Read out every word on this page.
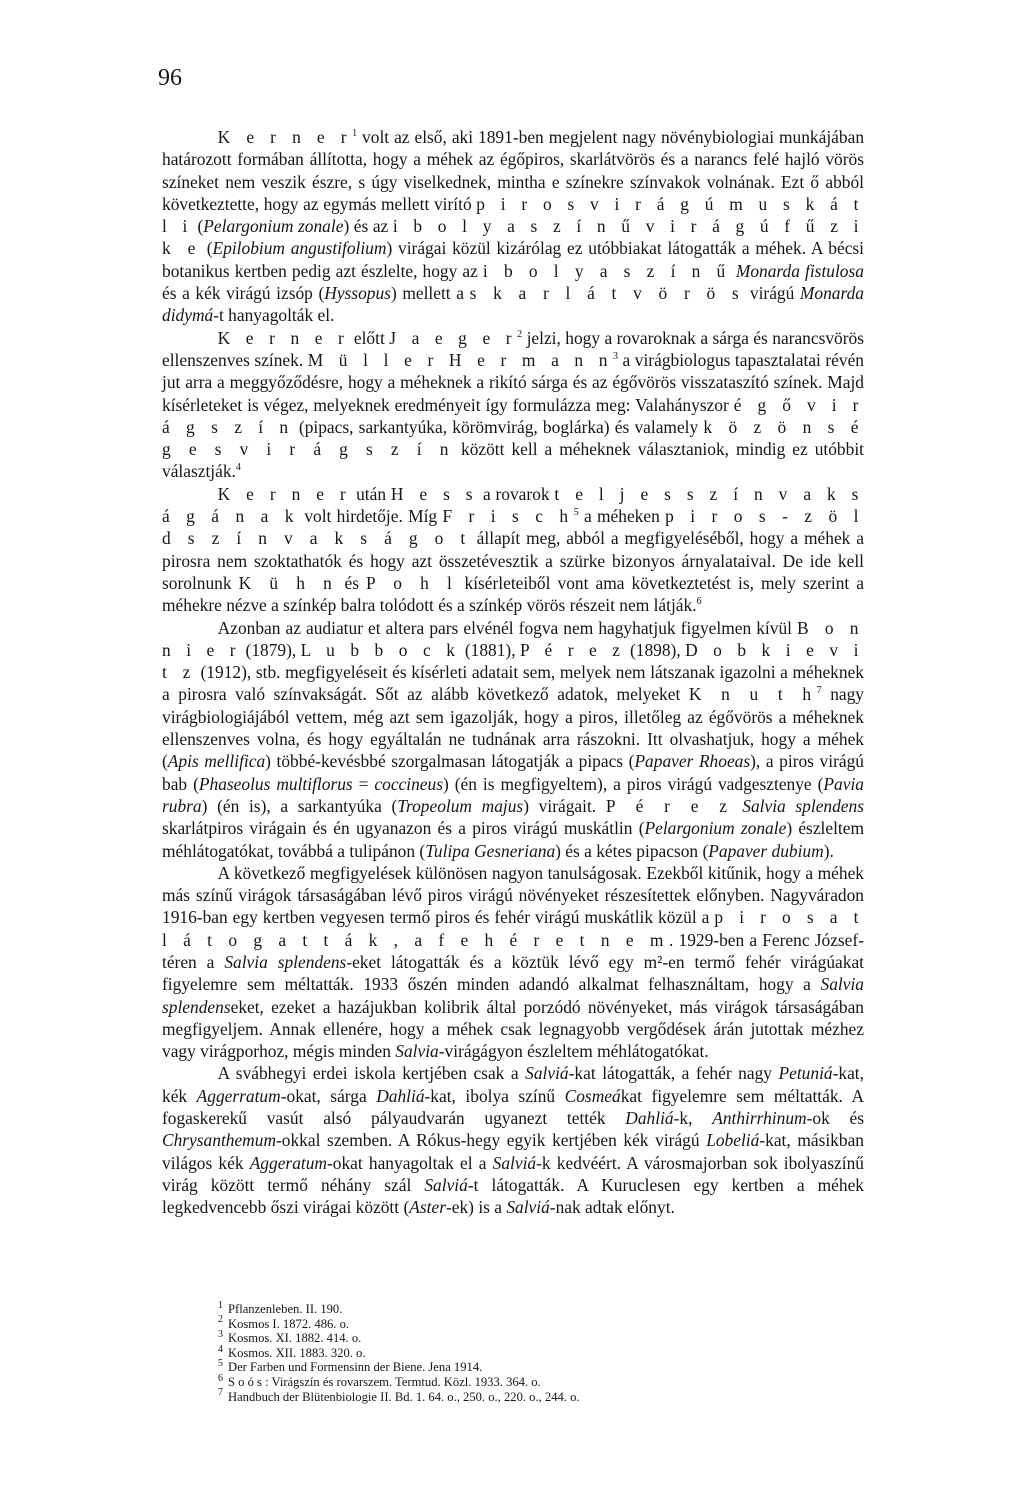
96

K e r n e $r^1$ volt az első, aki 1891-ben megjelent nagy növénybiologiai munkájában határozott formában állította, hogy a méhek az égőpiros, skarlátvörös és a narancs felé hajló vörös színeket nem veszik észre, s úgy viselkednek, mintha e színekre színvakok volnának. Ezt ő abból következtette, hogy az egymás mellett virító p i r o s v i r á g ú m u s k á t l i (Pelargonium zonale) és az i b o l y a s z í n ű v i r á g ú f ű z i k e (Epilobium angustifolium) virágai közül kizárólag ez utóbbiakat látogatták a méhek. A bécsi botanikus kertben pedig azt észlelte, hogy az i b o l y a s z í n ű Monarda fistulosa és a kék virágú izsóp (Hyssopus) mellett a s k a r l á t v ö r ö s virágú Monarda didymá-t hanyagolták el.

K e r n e r előtt J a e g e $r^2$ jelzi, hogy a rovaroknak a sárga és narancsvörös ellenszenves színek. M ü l l e r H e r m a n $n^3$ a virágbiologus tapasztalatai révén jut arra a meggyőződésre, hogy a méheknek a rikító sárga és az égővörös visszataszító színek. Majd kísérleteket is végez, melyeknek eredményeit így formulázza meg: Valahányszor é g ő v i r á g s z í n (pipacs, sarkantyúka, körömvirág, boglárka) és valamely k ö z ö n s é g e s v i r á g s z í n között kell a méheknek választaniok, mindig ez utóbbit választják.$^4$

K e r n e r után H e s s a rovarok t e l j e s s z í n v a k s á g á n a k volt hirdetője. Míg F r i s c $h^5$ a méheken p i r o s - z ö l d s z í n v a k s á g o t állapít meg, abból a megfigyeléséből, hogy a méhek a pirosra nem szoktathatók és hogy azt összetévesztik a szürke bizonyos árnyalataival. De ide kell sorolnunk K ü h n és P o h l kísérleteiből vont ama következtetést is, mely szerint a méhekre nézve a színkép balra tolódott és a színkép vörös részeit nem látják.$^6$

Azonban az audiatur et altera pars elvénél fogva nem hagyhatjuk figyelmen kívül B o n n i e r (1879), L u b b o c k (1881), P é r e z (1898), D o b k i e v i t z (1912), stb. megfigyeléseit és kísérleti adatait sem, melyek nem látszanak igazolni a méheknek a pirosra való színvakságát. Sőt az alább következő adatok, melyeket K n u t $h^7$ nagy virágbiologiájából vettem, még azt sem igazolják, hogy a piros, illetőleg az égővörös a méheknek ellenszenves volna, és hogy egyáltalán ne tudnának arra rászokni. Itt olvashatjuk, hogy a méhek (Apis mellifica) többé-kevésbbé szorgalmasan látogatják a pipacs (Papaver Rhoeas), a piros virágú bab (Phaseolus multiflorus = coccineus) (én is megfigyeltem), a piros virágú vadgesztenye (Pavia rubra) (én is), a sarkantyúka (Tropeolum majus) virágait. P é r e z Salvia splendens skarlátpiros virágain és én ugyanazon és a piros virágú muskátlin (Pelargonium zonale) észleltem méhlátogatókat, továbbá a tulipánon (Tulipa Gesneriana) és a kétes pipacson (Papaver dubium).

A következő megfigyelések különösen nagyon tanulságosak. Ezekből kitűnik, hogy a méhek más színű virágok társaságában lévő piros virágú növényeket részesítettek előnyben. Nagyváradon 1916-ban egy kertben vegyesen termő piros és fehér virágú muskátlik közül a p i r o s a t l á t o g a t t á k , a f e h é r e t n e m. 1929-ben a Ferenc József-téren a Salvia splendens-eket látogatták és a köztük lévő egy m²-en termő fehér virágúakat figyelemre sem méltatták. 1933 őszén minden adandó alkalmat felhasználtam, hogy a Salvia splendenseket, ezeket a hazájukban kolibrik által porzódó növényeket, más virágok társaságában megfigyeljem. Annak ellenére, hogy a méhek csak legnagyobb vergődések árán jutottak mézhez vagy virágporhoz, mégis minden Salvia-virágágyon észleltem méhlátogatókat.

A svábhegyi erdei iskola kertjében csak a Salviá-kat látogatták, a fehér nagy Petuniá-kat, kék Aggerratum-okat, sárga Dahliá-kat, ibolya színű Cosmeákat figyelemre sem méltatták. A fogaskerekű vasút alsó pályaudvarán ugyanezt tették Dahliá-k, Anthirrhinum-ok és Chrysanthemum-okkal szemben. A Rókus-hegy egyik kertjében kék virágú Lobeliá-kat, másikban világos kék Aggeratum-okat hanyagoltak el a Salviá-k kedvéért. A városmajorban sok ibolyaszínű virág között termő néhány szál Salviá-t látogatták. A Kuruclesen egy kertben a méhek legkedvencebb őszi virágai között (Aster-ek) is a Salviá-nak adtak előnyt.

$^1$ Pflanzenleben. II. 190.
$^2$ Kosmos I. 1872. 486. o.
$^3$ Kosmos. XI. 1882. 414. o.
$^4$ Kosmos. XII. 1883. 320. o.
$^5$ Der Farben und Formensinn der Biene. Jena 1914.
$^6$ S o ó s : Virágszín és rovarszem. Termtud. Közl. 1933. 364. o.
$^7$ Handbuch der Blütenbiologie II. Bd. 1. 64. o., 250. o., 220. o., 244. o.
